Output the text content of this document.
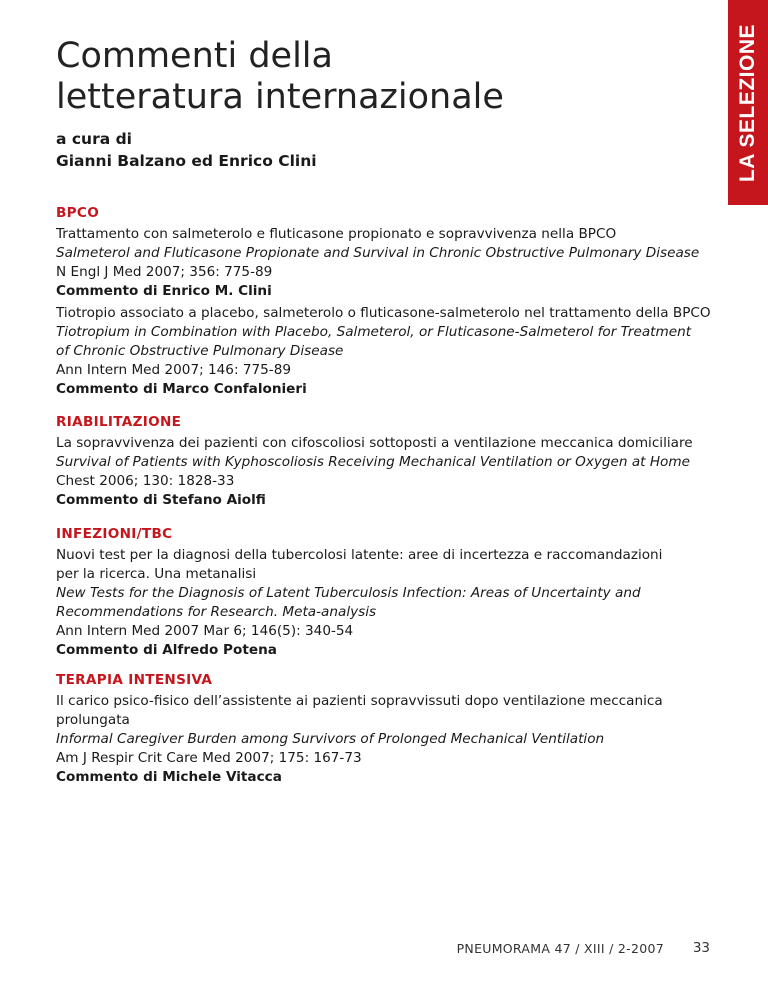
LA SELEZIONE
Commenti della
letteratura internazionale

a cura di
Gianni Balzano ed Enrico Clini

BPCO
Trattamento con salmeterolo e fluticasone propionato e sopravvivenza nella BPCO
Salmeterol and Fluticasone Propionate and Survival in Chronic Obstructive Pulmonary Disease
N Engl J Med 2007; 356: 775-89
Commento di Enrico M. Clini
Tiotropio associato a placebo, salmeterolo o fluticasone-salmeterolo nel trattamento della BPCO
Tiotropium in Combination with Placebo, Salmeterol, or Fluticasone-Salmeterol for Treatment
of Chronic Obstructive Pulmonary Disease
Ann Intern Med 2007; 146: 775-89
Commento di Marco Confalonieri
RIABILITAZIONE
La sopravvivenza dei pazienti con cifoscoliosi sottoposti a ventilazione meccanica domiciliare
Survival of Patients with Kyphoscoliosis Receiving Mechanical Ventilation or Oxygen at Home
Chest 2006; 130: 1828-33
Commento di Stefano Aiolfi
INFEZIONI/TBC
Nuovi test per la diagnosi della tubercolosi latente: aree di incertezza e raccomandazioni
per la ricerca. Una metanalisi
New Tests for the Diagnosis of Latent Tuberculosis Infection: Areas of Uncertainty and
Recommendations for Research. Meta-analysis
Ann Intern Med 2007 Mar 6; 146(5): 340-54
Commento di Alfredo Potena
TERAPIA INTENSIVA
Il carico psico-fisico dell’assistente ai pazienti sopravvissuti dopo ventilazione meccanica
prolungata
Informal Caregiver Burden among Survivors of Prolonged Mechanical Ventilation
Am J Respir Crit Care Med 2007; 175: 167-73
Commento di Michele Vitacca
PNEUMORAMA 47 / XIII / 2-2007 33
